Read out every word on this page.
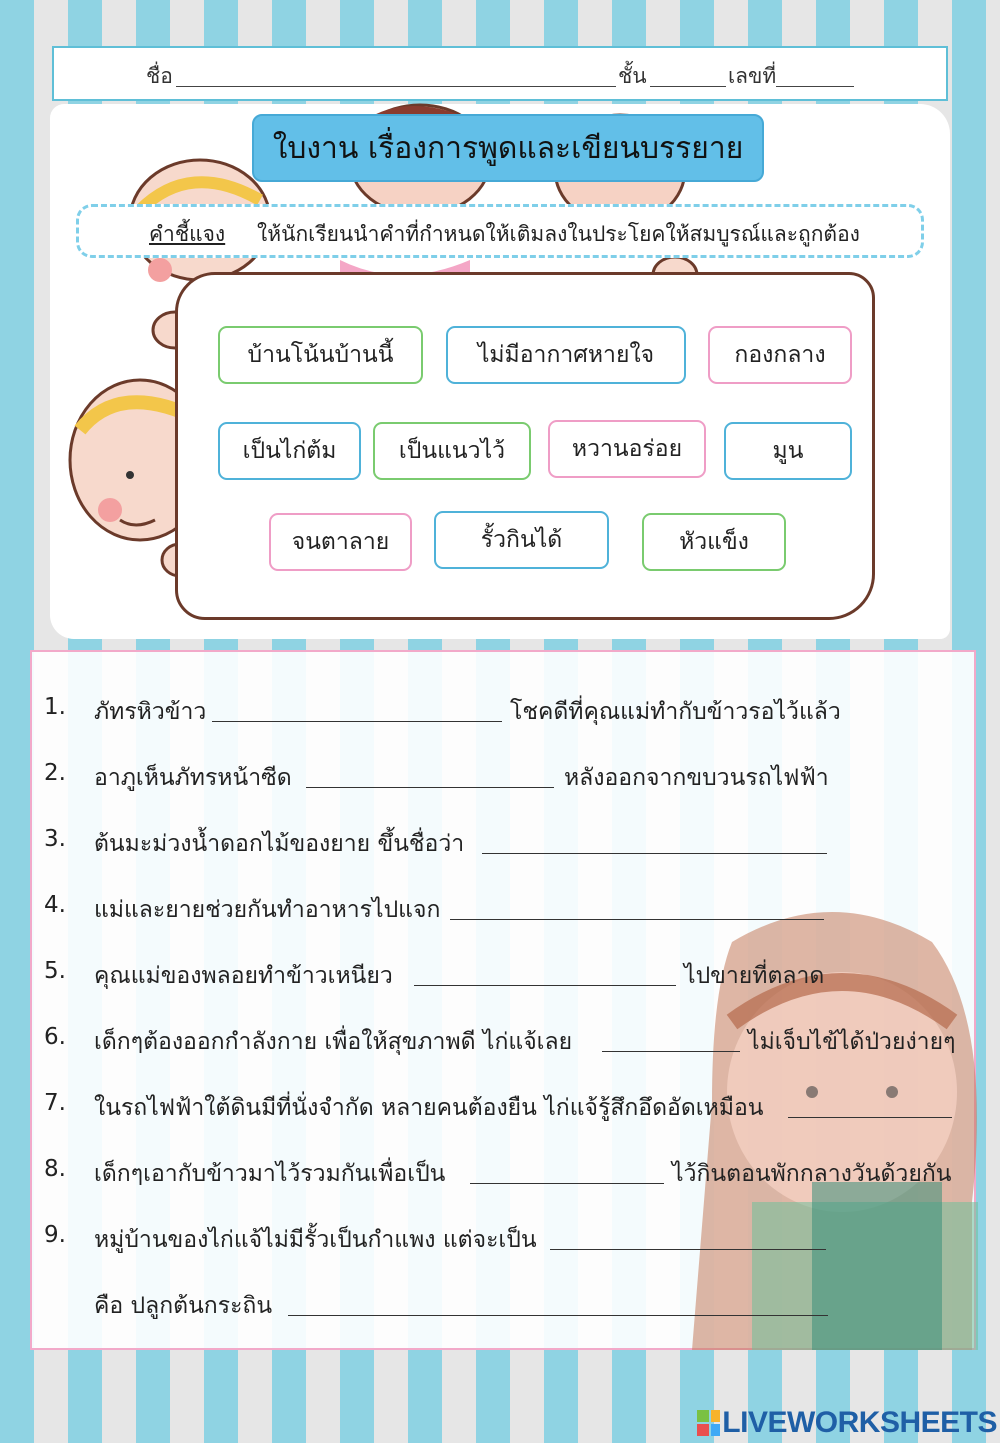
ชื่อ	ชั้น	เลขที่
ใบงาน เรื่องการพูดและเขียนบรรยาย
คำชี้แจง ให้นักเรียนนำคำที่กำหนดให้เติมลงในประโยคให้สมบูรณ์และถูกต้อง
บ้านโน้นบ้านนี้	ไม่มีอากาศหายใจ	กองกลาง
เป็นไก่ต้ม	เป็นแนวไว้	หวานอร่อย	มูน
จนตาลาย	รั้วกินได้	หัวแข็ง
1. ภัทรหิวข้าว	โชคดีที่คุณแม่ทำกับข้าวรอไว้แล้ว
2. อาภูเห็นภัทรหน้าซีด	หลังออกจากขบวนรถไฟฟ้า
3. ต้นมะม่วงน้ำดอกไม้ของยาย ขึ้นชื่อว่า
4. แม่และยายช่วยกันทำอาหารไปแจก
5. คุณแม่ของพลอยทำข้าวเหนียว	ไปขายที่ตลาด
6. เด็กๆต้องออกกำลังกาย เพื่อให้สุขภาพดี ไก่แจ้เลย	ไม่เจ็บไข้ได้ป่วยง่ายๆ
7. ในรถไฟฟ้าใต้ดินมีที่นั่งจำกัด หลายคนต้องยืน ไก่แจ้รู้สึกอึดอัดเหมือน
8. เด็กๆเอากับข้าวมาไว้รวมกันเพื่อเป็น	ไว้กินตอนพักกลางวันด้วยกัน
9. หมู่บ้านของไก่แจ้ไม่มีรั้วเป็นกำแพง แต่จะเป็น
คือ ปลูกต้นกระถิน
LIVEWORKSHEETS
